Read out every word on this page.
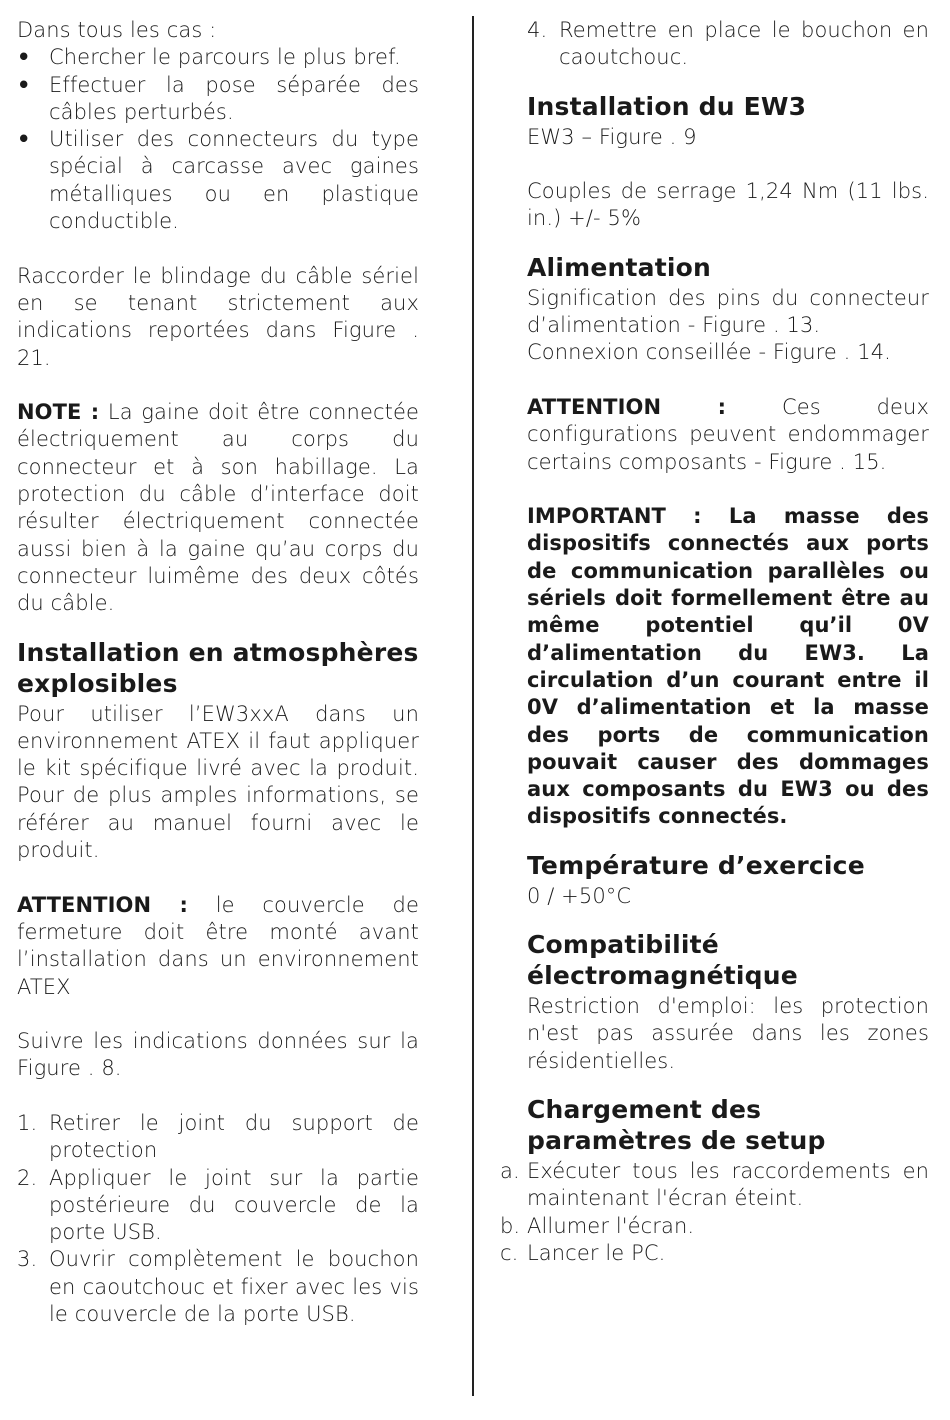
Dans tous les cas :

• Chercher le parcours le plus bref.
• Effectuer la pose séparée des câbles perturbés.
• Utiliser des connecteurs du type spécial à carcasse avec gaines métalliques ou en plastique conductible.

Raccorder le blindage du câble sériel en se tenant strictement aux indications reportées dans Figure . 21.

NOTE : La gaine doit être connectée électriquement au corps du connecteur et à son habillage. La protection du câble d’interface doit résulter électriquement connectée aussi bien à la gaine qu’au corps du connecteur luimême des deux côtés du câble.

Installation en atmosphères explosibles

Pour utiliser l’EW3xxA dans un environnement ATEX il faut appliquer le kit spécifique livré avec la produit. Pour de plus amples informations, se référer au manuel fourni avec le produit.

ATTENTION : le couvercle de fermeture doit être monté avant l’installation dans un environnement ATEX

Suivre les indications données sur la Figure . 8.

1. Retirer le joint du support de protection
2. Appliquer le joint sur la partie postérieure du couvercle de la porte USB.
3. Ouvrir complètement le bouchon en caoutchouc et fixer avec les vis le couvercle de la porte USB.
4. Remettre en place le bouchon en caoutchouc.
Installation du EW3

EW3 – Figure . 9

Couples de serrage 1,24 Nm (11 lbs. in.) +/- 5%

Alimentation

Signification des pins du connecteur d’alimentation - Figure . 13.

Connexion conseillée - Figure . 14.

ATTENTION : Ces deux configurations peuvent endommager certains composants - Figure . 15.

IMPORTANT : La masse des dispositifs connectés aux ports de communication parallèles ou sériels doit formellement être au même potentiel qu’il 0V d’alimentation du EW3. La circulation d’un courant entre il 0V d’alimentation et la masse des ports de communication pouvait causer des dommages aux composants du EW3 ou des dispositifs connectés.

Température d’exercice

0 / +50°C

Compatibilité électromagnétique

Restriction d'emploi: les protection n'est pas assurée dans les zones résidentielles.

Chargement des paramètres de setup
a. Exécuter tous les raccordements en maintenant l'écran éteint.
b. Allumer l'écran.
c. Lancer le PC.
